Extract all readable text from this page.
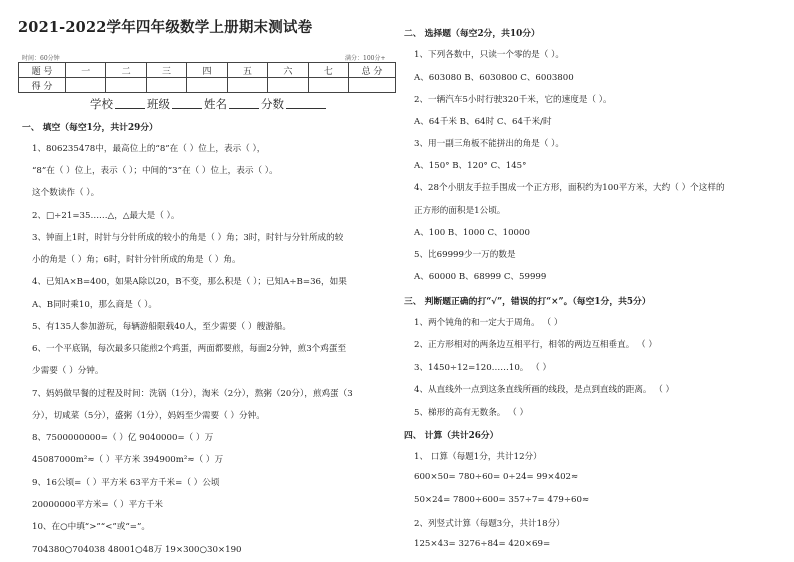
2021-2022学年四年级数学上册期末测试卷
时间：60分钟	满分：100分+
题 号	一	二	三	四	五	六	七	总 分
得 分								
学校	班级	姓名	分数
一、 填空（每空1分，共计29分）
1、806235478中，最高位上的“8”在（ ）位上，表示（ ），
“8”在（ ）位上，表示（ ）；中间的“3”在（ ）位上，表示（ ）。
这个数读作（ ）。
2、□÷21=35……△，△最大是（ ）。
3、钟面上1时，时针与分针所成的较小的角是（ ）角；3时，时针与分针所成的较
小的角是（ ）角；6时，时针分针所成的角是（ ）角。
4、已知A×B=400，如果A除以20，B不变，那么积是（ ）；已知A÷B=36，如果
A、B同时乘10，那么商是（ ）。
5、有135人参加游玩，每辆游船限载40人，至少需要（ ）艘游船。
6、一个平底锅，每次最多只能煎2个鸡蛋，两面都要煎，每面2分钟，煎3个鸡蛋至
少需要（ ）分钟。
7、妈妈做早餐的过程及时间：洗锅（1分），淘米（2分），熬粥（20分），煎鸡蛋（3
分），切咸菜（5分），盛粥（1分），妈妈至少需要（ ）分钟。
8、7500000000=（ ）亿 9040000=（ ）万
45087000m²≈（ ）平方米 394900m²≈（ ）万
9、16公顷=（ ）平方米 63平方千米=（ ）公顷
20000000平方米=（ ）平方千米
10、在○中填“>”“<”或“=”。
704380○704038 48001○48万 19×300○30×190
二、 选择题（每空2分，共10分）
1、下列各数中，只读一个零的是（ ）。
A、603080 B、6030800 C、6003800
2、一辆汽车5小时行驶320千米，它的速度是（ ）。
A、64千米 B、64时 C、64千米/时
3、用一副三角板不能拼出的角是（ ）。
A、150° B、120° C、145°
4、28个小朋友手拉手围成一个正方形，面积约为100平方米，大约（ ）个这样的
正方形的面积是1公顷。
A、100 B、1000 C、10000
5、比69999少一万的数是
A、60000 B、68999 C、59999
三、 判断题正确的打“√”，错误的打“×”。（每空1分，共5分）
1、两个钝角的和一定大于周角。 （ ）
2、正方形相对的两条边互相平行，相邻的两边互相垂直。 （ ）
3、1450÷12=120……10。 （ ）
4、从直线外一点到这条直线所画的线段，是点到直线的距离。 （ ）
5、梯形的高有无数条。 （ ）
四、 计算（共计26分）
1、 口算（每题1分，共计12分）
600×50= 780÷60= 0÷24= 99×402≈
50×24= 7800÷600= 357÷7= 479÷60≈
2、列竖式计算（每题3分，共计18分）
125×43= 3276÷84= 420×69=
